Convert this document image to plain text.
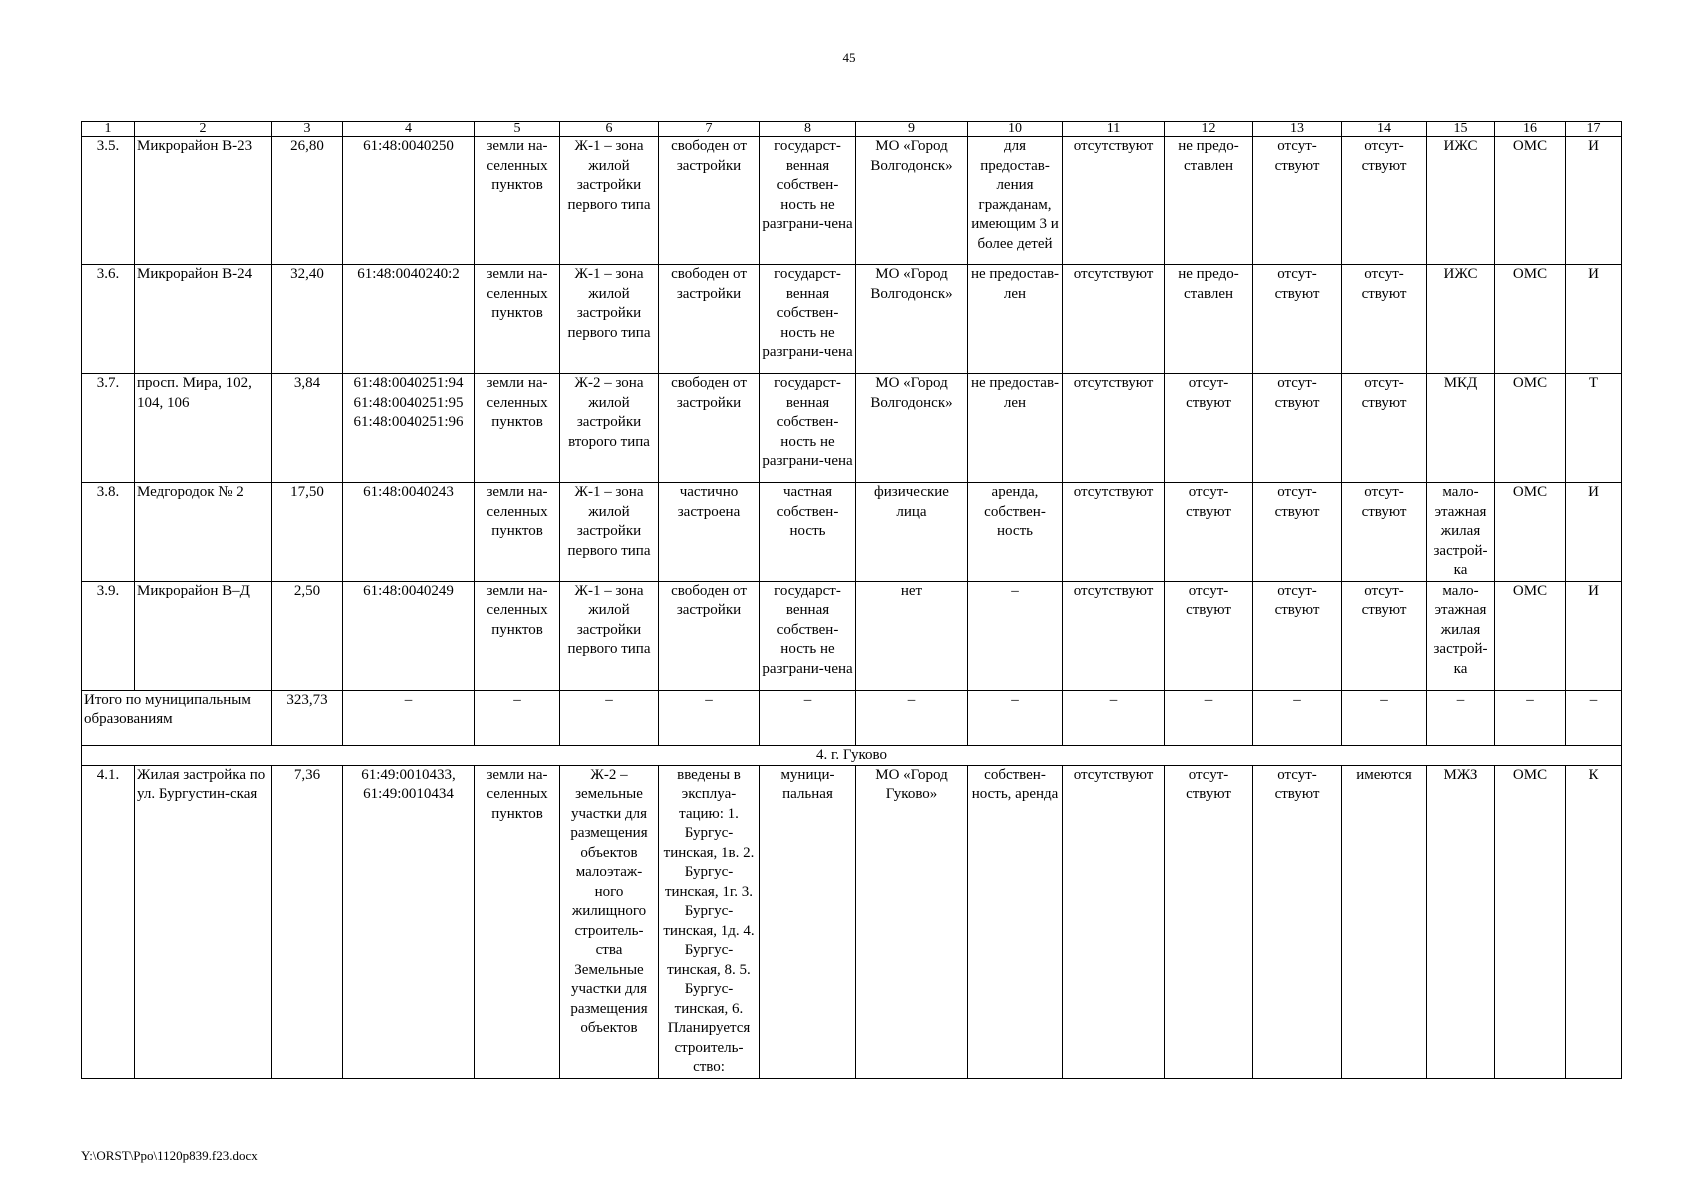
45
1	2	3	4	5	6	7	8	9	10	11	12	13	14	15	16	17
3.5.	Микрорайон В-23	26,80	61:48:0040250	земли на-селенных пунктов	Ж-1 – зона жилой застройки первого типа	свободен от застройки	государст-венная собствен-ность не разграни-чена	МО «Город Волгодонск»	для предостав-ления гражданам, имеющим 3 и более детей	отсутствуют	не предо-ставлен	отсут-ствуют	отсут-ствуют	ИЖС	ОМС	И
3.6.	Микрорайон В-24	32,40	61:48:0040240:2	земли на-селенных пунктов	Ж-1 – зона жилой застройки первого типа	свободен от застройки	государст-венная собствен-ность не разграни-чена	МО «Город Волгодонск»	не предостав-лен	отсутствуют	не предо-ставлен	отсут-ствуют	отсут-ствуют	ИЖС	ОМС	И
3.7.	просп. Мира, 102, 104, 106	3,84	61:48:0040251:94 61:48:0040251:95 61:48:0040251:96	земли на-селенных пунктов	Ж-2 – зона жилой застройки второго типа	свободен от застройки	государст-венная собствен-ность не разграни-чена	МО «Город Волгодонск»	не предостав-лен	отсутствуют	отсут-ствуют	отсут-ствуют	отсут-ствуют	МКД	ОМС	Т
3.8.	Медгородок № 2	17,50	61:48:0040243	земли на-селенных пунктов	Ж-1 – зона жилой застройки первого типа	частично застроена	частная собствен-ность	физические лица	аренда, собствен-ность	отсутствуют	отсут-ствуют	отсут-ствуют	отсут-ствуют	мало-этажная жилая застрой-ка	ОМС	И
3.9.	Микрорайон В–Д	2,50	61:48:0040249	земли на-селенных пунктов	Ж-1 – зона жилой застройки первого типа	свободен от застройки	государст-венная собствен-ность не разграни-чена	нет	–	отсутствуют	отсут-ствуют	отсут-ствуют	отсут-ствуют	мало-этажная жилая застрой-ка	ОМС	И
Итого по муниципальным образованиям		323,73	–	–	–	–	–	–	–	–	–	–	–	–	–	–
4. г. Гуково																
4.1.	Жилая застройка по ул. Бургустин-ская	7,36	61:49:0010433, 61:49:0010434	земли на-селенных пунктов	Ж-2 – земельные участки для размещения объектов малоэтаж-ного жилищного строитель-ства Земельные участки для размещения объектов	введены в эксплуа-тацию: 1. Бургус-тинская, 1в. 2. Бургус-тинская, 1г. 3. Бургус-тинская, 1д. 4. Бургус-тинская, 8. 5. Бургус-тинская, 6. Планируется строитель-ство:	муници-пальная	МО «Город Гуково»	собствен-ность, аренда	отсутствуют	отсут-ствуют	отсут-ствуют	имеются	МЖЗ	ОМС	К
Y:\ORST\Ppo\1120p839.f23.docx
